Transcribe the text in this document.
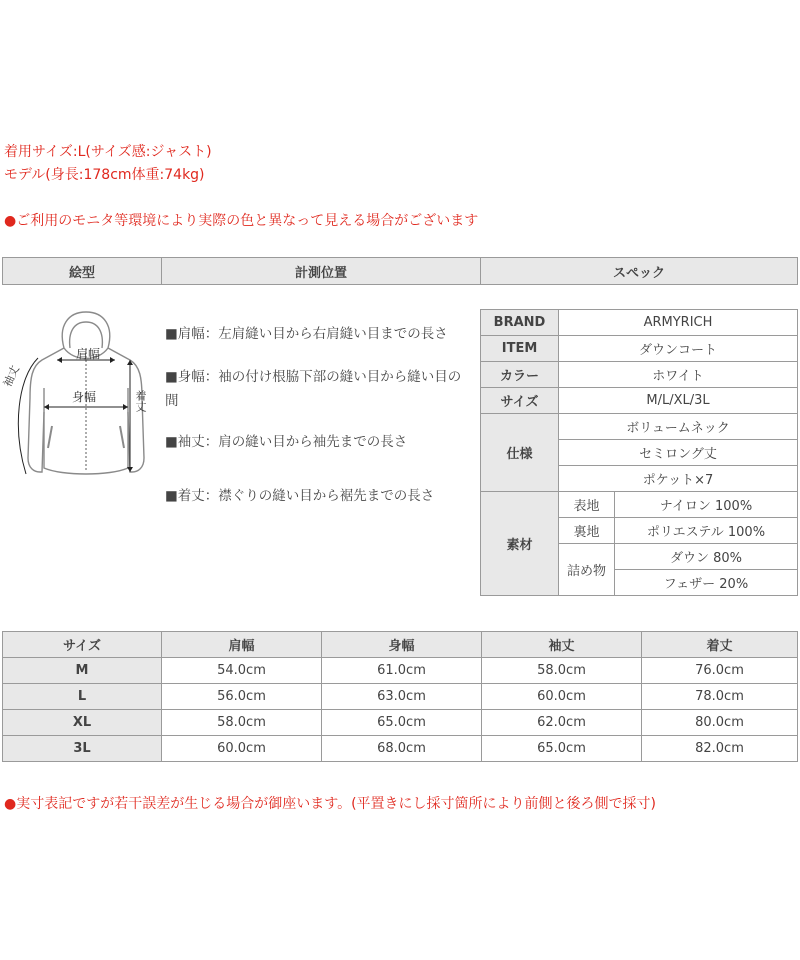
着用サイズ:L(サイズ感:ジャスト)
モデル(身長:178cm体重:74kg)
●ご利用のモニタ等環境により実際の色と異なって見える場合がございます
絵型	計測位置	スペック
肩幅
身幅
袖丈
着丈
■肩幅：左肩縫い目から右肩縫い目までの長さ
■身幅：袖の付け根脇下部の縫い目から縫い目の間
■袖丈：肩の縫い目から袖先までの長さ
■着丈：襟ぐりの縫い目から裾先までの長さ
BRAND	ARMYRICH	
ITEM	ダウンコート	
カラー	ホワイト	
サイズ	M/L/XL/3L	
仕様	ボリュームネック	
	セミロング丈	
	ポケット×7	
素材	表地	ナイロン 100%
	裏地	ポリエステル 100%
	詰め物	ダウン 80%
		フェザー 20%
サイズ	肩幅	身幅	袖丈	着丈
M	54.0cm	61.0cm	58.0cm	76.0cm
L	56.0cm	63.0cm	60.0cm	78.0cm
XL	58.0cm	65.0cm	62.0cm	80.0cm
3L	60.0cm	68.0cm	65.0cm	82.0cm
●実寸表記ですが若干誤差が生じる場合が御座います。(平置きにし採寸箇所により前側と後ろ側で採寸)
